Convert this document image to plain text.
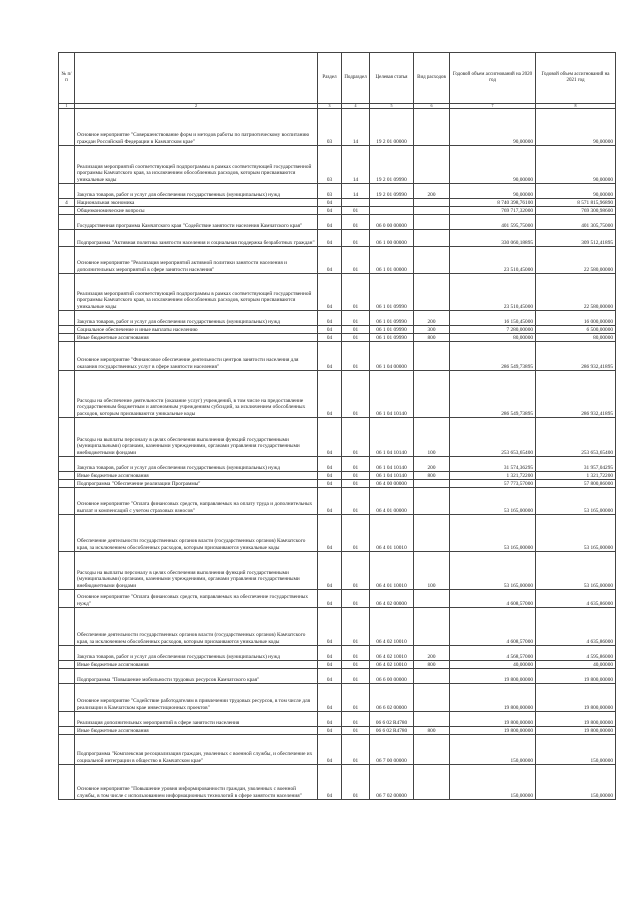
№ п/п		Раздел	Подраздел	Целевая статья	Вид расходов	Годовой объем ассигнований на 2020 год	Годовой объем ассигнований на 2021 год
1	2	3	4	5	6	7	8
	Основное мероприятие "Совершенствование форм и методов работы по патриотическому воспитанию граждан Российской Федерации в Камчатском крае"	03	14	19 2 01 00000		90,00000	90,00000
	Реализация мероприятий соответствующей подпрограммы в рамках соответствующей государственной программы Камчатского края, за исключением обособленных расходов, которым присваиваются уникальные коды	03	14	19 2 01 09990		90,00000	90,00000
	Закупка товаров, работ и услуг для обеспечения государственных (муниципальных) нужд	03	14	19 2 01 09990	200	90,00000	90,00000
4	Национальная экономика	04				8 740 398,76100	8 571 815,96890
	Общеэкономические вопросы	04	01			769 717,32000	769 300,98600
	Государственная программа Камчатского края "Содействие занятости населения Камчатского края"	04	01	06 0 00 00000		401 595,75000	401 305,75000
	Подпрограмма "Активная политика занятости населения и социальная поддержка безработных граждан"	04	01	06 1 00 00000		330 060,18895	309 512,41895
	Основное мероприятие "Реализация мероприятий активной политики занятости населения и дополнительных мероприятий в сфере занятости населения"	04	01	06 1 01 00000		23 510,45000	22 580,00000
	Реализация мероприятий соответствующей подпрограммы в рамках соответствующей государственной программы Камчатского края, за исключением обособленных расходов, которым присваиваются уникальные коды	04	01	06 1 01 09990		23 510,45000	22 580,00000
	Закупка товаров, работ и услуг для обеспечения государственных (муниципальных) нужд	04	01	06 1 01 09990	200	16 150,45000	16 000,00000
	Социальное обеспечение и иные выплаты населению	04	01	06 1 01 09990	300	7 280,00000	6 500,00000
	Иные бюджетные ассигнования	04	01	06 1 01 09990	800	80,00000	80,00000
	Основное мероприятие "Финансовое обеспечение деятельности центров занятости населения для оказания государственных услуг в сфере занятости населения"	04	01	06 1 04 00000		286 549,73895	286 932,41895
	Расходы на обеспечение деятельности (оказание услуг) учреждений, в том числе на предоставление государственным бюджетным и автономным учреждениям субсидий, за исключением обособленных расходов, которым присваиваются уникальные коды	04	01	06 1 04 10140		286 549,73895	286 932,41895
	Расходы на выплаты персоналу в целях обеспечения выполнения функций государственными (муниципальными) органами, казенными учреждениями, органами управления государственными внебюджетными фондами	04	01	06 1 04 10140	100	253 653,65400	253 653,65400
	Закупка товаров, работ и услуг для обеспечения государственных (муниципальных) нужд	04	01	06 1 04 10140	200	31 574,36295	31 957,04295
	Иные бюджетные ассигнования	04	01	06 1 04 10140	800	1 321,72200	1 321,72200
	Подпрограмма "Обеспечение реализации Программы"	04	01	06 4 00 00000		57 773,57000	57 800,86000
	Основное мероприятие "Оплата финансовых средств, направляемых на оплату труда и дополнительных выплат и компенсаций с учетом страховых взносов"	04	01	06 4 01 00000		53 165,00000	53 165,00000
	Обеспечение деятельности государственных органов власти (государственных органов) Камчатского края, за исключением обособленных расходов, которым присваиваются уникальные коды	04	01	06 4 01 10010		53 165,00000	53 165,00000
	Расходы на выплаты персоналу в целях обеспечения выполнения функций государственными (муниципальными) органами, казенными учреждениями, органами управления государственными внебюджетными фондами	04	01	06 4 01 10010	100	53 165,00000	53 165,00000
	Основное мероприятие "Оплата финансовых средств, направляемых на обеспечение государственных нужд"	04	01	06 4 02 00000		4 608,57000	4 635,86000
	Обеспечение деятельности государственных органов власти (государственных органов) Камчатского края, за исключением обособленных расходов, которым присваиваются уникальные коды	04	01	06 4 02 10010		4 608,57000	4 635,86000
	Закупка товаров, работ и услуг для обеспечения государственных (муниципальных) нужд	04	01	06 4 02 10010	200	4 568,57000	4 595,86000
	Иные бюджетные ассигнования	04	01	06 4 02 10010	800	40,00000	40,00000
	Подпрограмма "Повышение мобильности трудовых ресурсов Камчатского края"	04	01	06 6 00 00000		19 800,00000	19 800,00000
	Основное мероприятие "Содействие работодателям в привлечении трудовых ресурсов, в том числе для реализации в Камчатском крае инвестиционных проектов"	04	01	06 6 02 00000		19 800,00000	19 800,00000
	Реализация дополнительных мероприятий в сфере занятости населения	04	01	06 6 02 R4780		19 800,00000	19 800,00000
	Иные бюджетные ассигнования	04	01	06 6 02 R4780	800	19 800,00000	19 800,00000
	Подпрограмма "Комплексная ресоциализация граждан, уволенных с военной службы, и обеспечение их социальной интеграции в общество в Камчатском крае"	04	01	06 7 00 00000		150,00000	150,00000
	Основное мероприятие "Повышение уровня информированности граждан, уволенных с военной службы, в том числе с использованием информационных технологий в сфере занятости населения"	04	01	06 7 02 00000		150,00000	150,00000
